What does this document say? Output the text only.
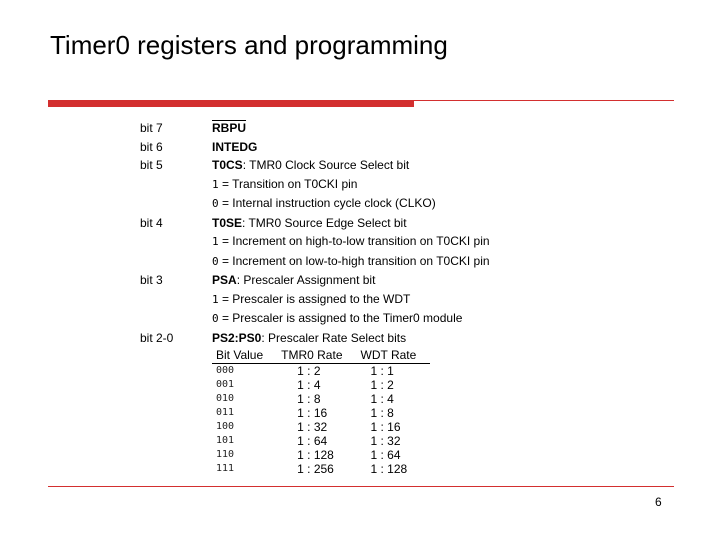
Timer0 registers and programming
bit 7	RBPU
bit 6	INTEDG
bit 5	T0CS: TMR0 Clock Source Select bit
1 = Transition on T0CKI pin
0 = Internal instruction cycle clock (CLKO)
bit 4	T0SE: TMR0 Source Edge Select bit
1 = Increment on high-to-low transition on T0CKI pin
0 = Increment on low-to-high transition on T0CKI pin
bit 3	PSA: Prescaler Assignment bit
1 = Prescaler is assigned to the WDT
0 = Prescaler is assigned to the Timer0 module
bit 2-0	PS2:PS0: Prescaler Rate Select bits
Bit Value	TMR0 Rate	WDT Rate
000	1 : 2	1 : 1
001	1 : 4	1 : 2
010	1 : 8	1 : 4
011	1 : 16	1 : 8
100	1 : 32	1 : 16
101	1 : 64	1 : 32
110	1 : 128	1 : 64
111	1 : 256	1 : 128
6
